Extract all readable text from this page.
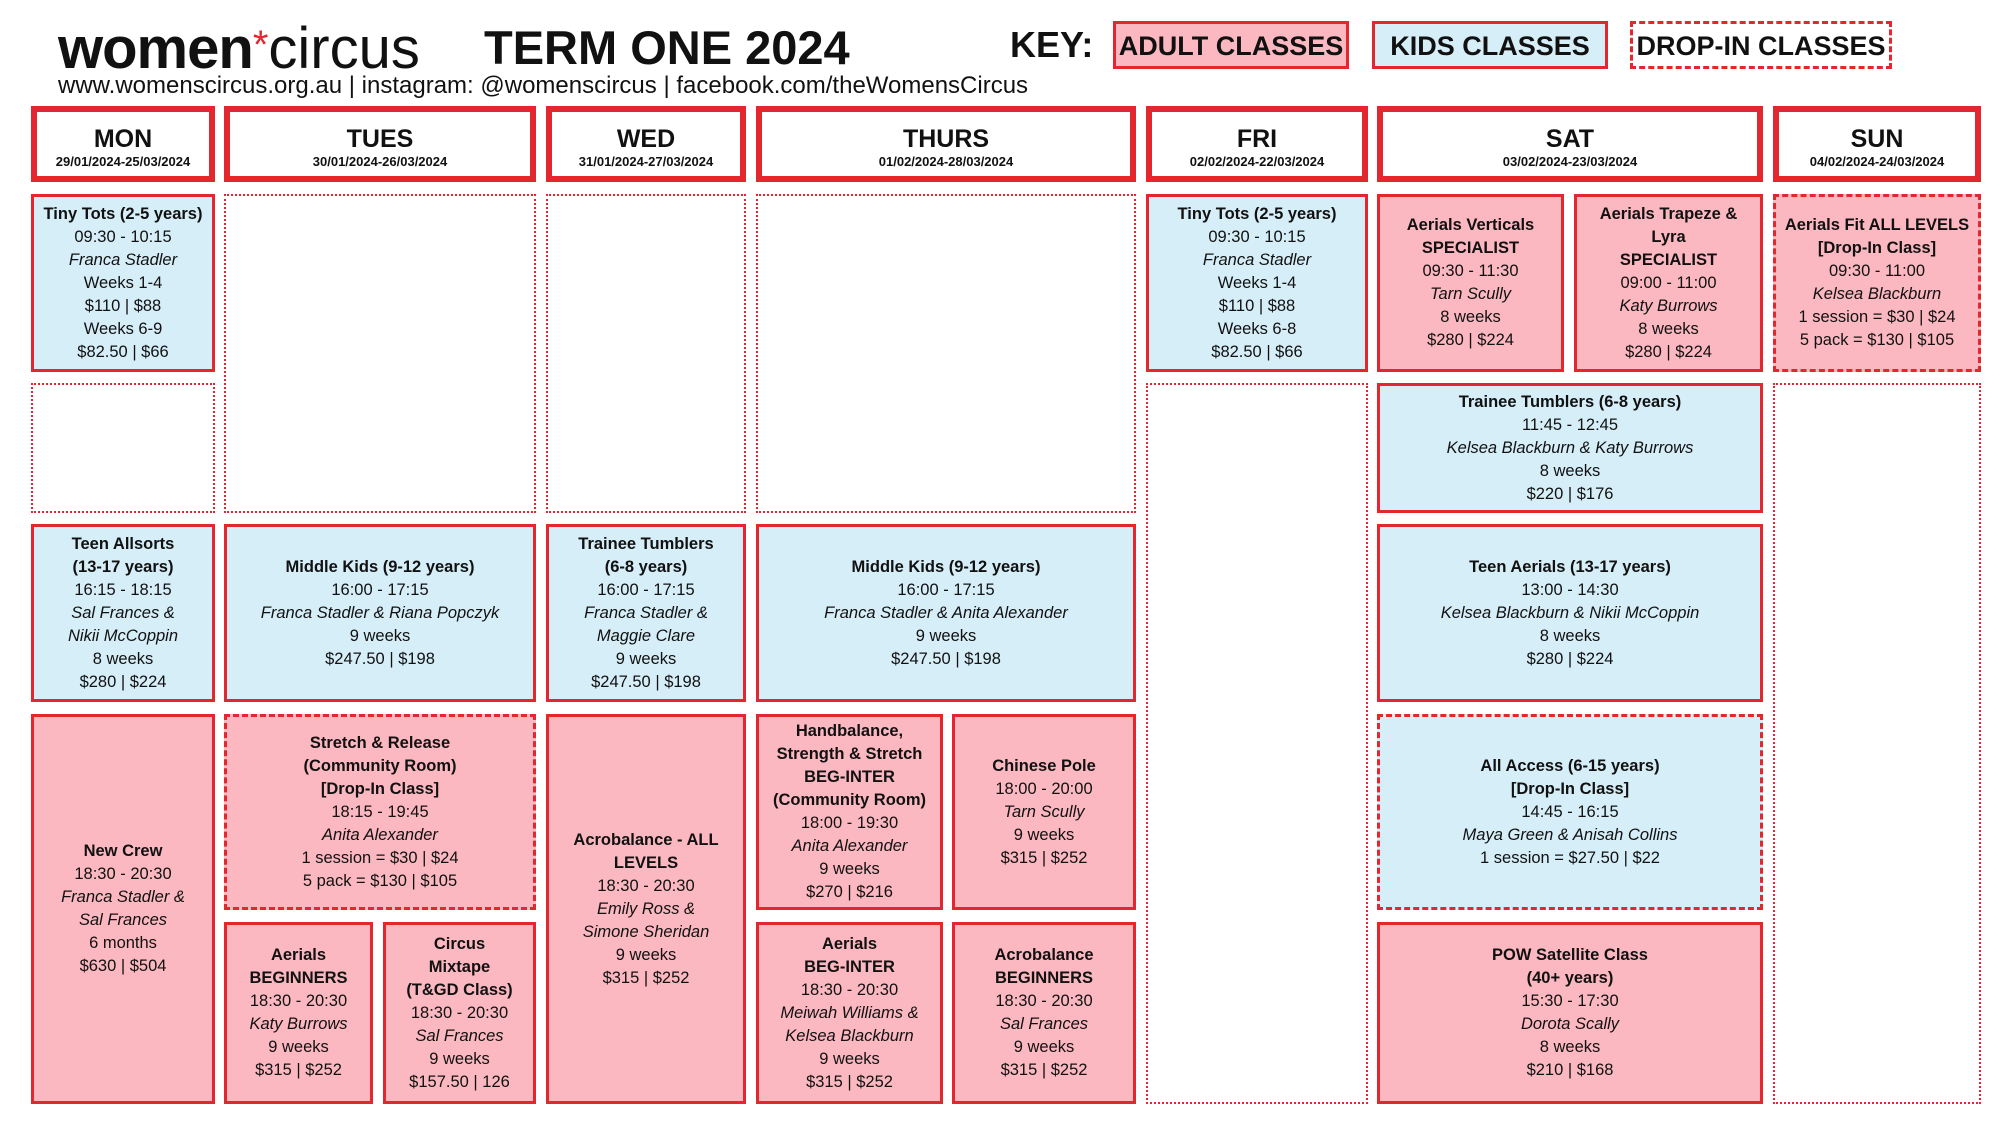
women*circus TERM ONE 2024
www.womenscircus.org.au | instagram: @womenscircus | facebook.com/theWomensCircus
KEY: ADULT CLASSES	KIDS CLASSES	DROP-IN CLASSES
MON
29/01/2024-25/03/2024
TUES
30/01/2024-26/03/2024
WED
31/01/2024-27/03/2024
THURS
01/02/2024-28/03/2024
FRI
02/02/2024-22/03/2024
SAT
03/02/2024-23/03/2024
SUN
04/02/2024-24/03/2024
Tiny Tots (2-5 years)
09:30 - 10:15
Franca Stadler
Weeks 1-4
$110 | $88
Weeks 6-9
$82.50 | $66
Teen Allsorts
(13-17 years)
16:15 - 18:15
Sal Frances &
Nikii McCoppin
8 weeks
$280 | $224
New Crew
18:30 - 20:30
Franca Stadler &
Sal Frances
6 months
$630 | $504
Middle Kids (9-12 years)
16:00 - 17:15
Franca Stadler & Riana Popczyk
9 weeks
$247.50 | $198
Stretch & Release
(Community Room)
[Drop-In Class]
18:15 - 19:45
Anita Alexander
1 session = $30 | $24
5 pack = $130 | $105
Aerials
BEGINNERS
18:30 - 20:30
Katy Burrows
9 weeks
$315 | $252
Circus
Mixtape
(T&GD Class)
18:30 - 20:30
Sal Frances
9 weeks
$157.50 | 126
Trainee Tumblers
(6-8 years)
16:00 - 17:15
Franca Stadler &
Maggie Clare
9 weeks
$247.50 | $198
Acrobalance - ALL
LEVELS
18:30 - 20:30
Emily Ross &
Simone Sheridan
9 weeks
$315 | $252
Middle Kids (9-12 years)
16:00 - 17:15
Franca Stadler & Anita Alexander
9 weeks
$247.50 | $198
Handbalance,
Strength & Stretch
BEG-INTER
(Community Room)
18:00 - 19:30
Anita Alexander
9 weeks
$270 | $216
Chinese Pole
18:00 - 20:00
Tarn Scully
9 weeks
$315 | $252
Aerials
BEG-INTER
18:30 - 20:30
Meiwah Williams &
Kelsea Blackburn
9 weeks
$315 | $252
Acrobalance
BEGINNERS
18:30 - 20:30
Sal Frances
9 weeks
$315 | $252
Tiny Tots (2-5 years)
09:30 - 10:15
Franca Stadler
Weeks 1-4
$110 | $88
Weeks 6-8
$82.50 | $66
Aerials Verticals
SPECIALIST
09:30 - 11:30
Tarn Scully
8 weeks
$280 | $224
Aerials Trapeze & Lyra
SPECIALIST
09:00 - 11:00
Katy Burrows
8 weeks
$280 | $224
Trainee Tumblers (6-8 years)
11:45 - 12:45
Kelsea Blackburn & Katy Burrows
8 weeks
$220 | $176
Teen Aerials (13-17 years)
13:00 - 14:30
Kelsea Blackburn & Nikii McCoppin
8 weeks
$280 | $224
All Access (6-15 years)
[Drop-In Class]
14:45 - 16:15
Maya Green & Anisah Collins
1 session = $27.50 | $22
POW Satellite Class
(40+ years)
15:30 - 17:30
Dorota Scally
8 weeks
$210 | $168
Aerials Fit ALL LEVELS
[Drop-In Class]
09:30 - 11:00
Kelsea Blackburn
1 session = $30 | $24
5 pack = $130 | $105
